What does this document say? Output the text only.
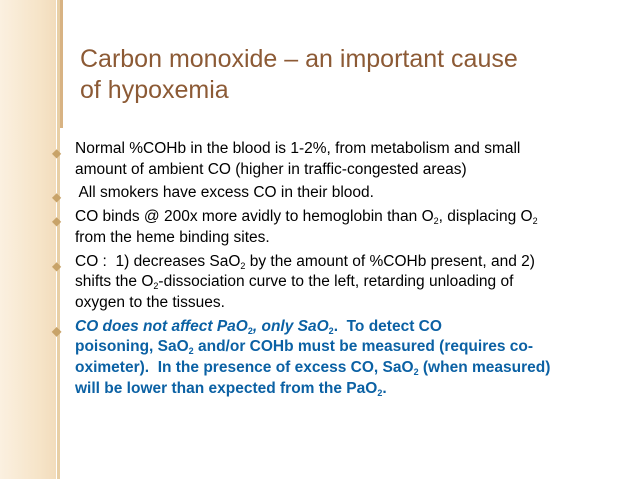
Carbon monoxide – an important cause
of hypoxemia
◆ Normal %COHb in the blood is 1-2%, from metabolism and small
amount of ambient CO (higher in traffic-congested areas)
◆ All smokers have excess CO in their blood.
◆ CO binds @ 200x more avidly to hemoglobin than $O_2$, displacing $O_2$
from the heme binding sites.
◆ CO :  1) decreases SaO$_2$ by the amount of %COHb present, and 2)
shifts the $O_2$-dissociation curve to the left, retarding unloading of
oxygen to the tissues.
◆ CO does not affect PaO$_2$, only SaO$_2$.  To detect CO
poisoning, SaO$_2$ and/or COHb must be measured (requires co-
oximeter).  In the presence of excess CO, SaO$_2$ (when measured)
will be lower than expected from the PaO$_2$.
